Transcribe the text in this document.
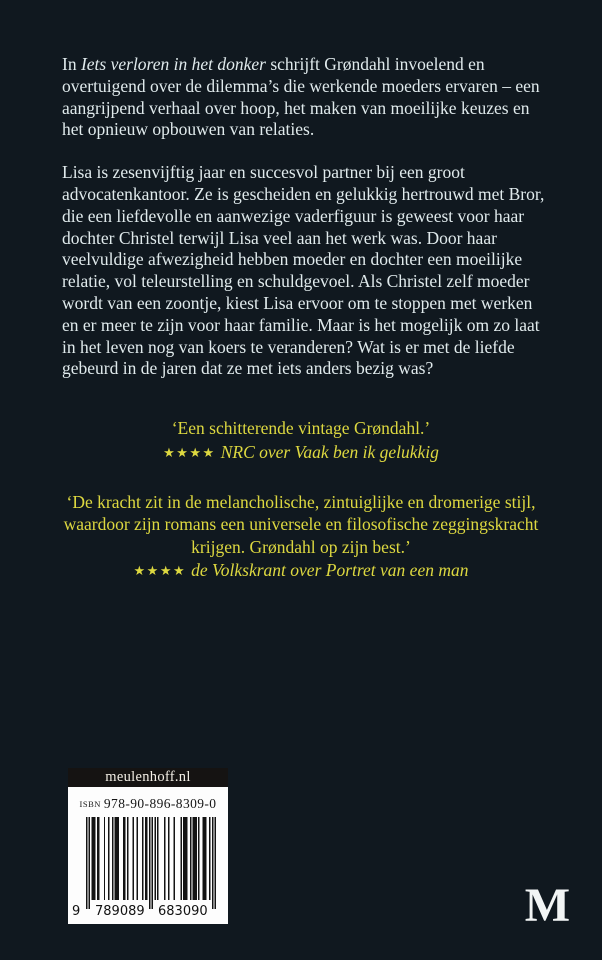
In Iets verloren in het donker schrijft Grøndahl invoelend en overtuigend over de dilemma’s die werkende moeders ervaren – een aangrijpend verhaal over hoop, het maken van moeilijke keuzes en het opnieuw opbouwen van relaties.

Lisa is zesenvijftig jaar en succesvol partner bij een groot advocatenkantoor. Ze is gescheiden en gelukkig hertrouwd met Bror, die een liefdevolle en aanwezige vaderfiguur is geweest voor haar dochter Christel terwijl Lisa veel aan het werk was. Door haar veelvuldige afwezigheid hebben moeder en dochter een moeilijke relatie, vol teleurstelling en schuldgevoel. Als Christel zelf moeder wordt van een zoontje, kiest Lisa ervoor om te stoppen met werken en er meer te zijn voor haar familie. Maar is het mogelijk om zo laat in het leven nog van koers te veranderen? Wat is er met de liefde gebeurd in de jaren dat ze met iets anders bezig was?

‘Een schitterende vintage Grøndahl.’

★★★★ NRC over Vaak ben ik gelukkig

‘De kracht zit in de melancholische, zintuiglijke en dromerige stijl, waardoor zijn romans een universele en filosofische zeggingskracht krijgen. Grøndahl op zijn best.’

★★★★ de Volkskrant over Portret van een man

meulenhoff.nl
ISBN 978-90-896-8309-0
9 789089 683090	M
